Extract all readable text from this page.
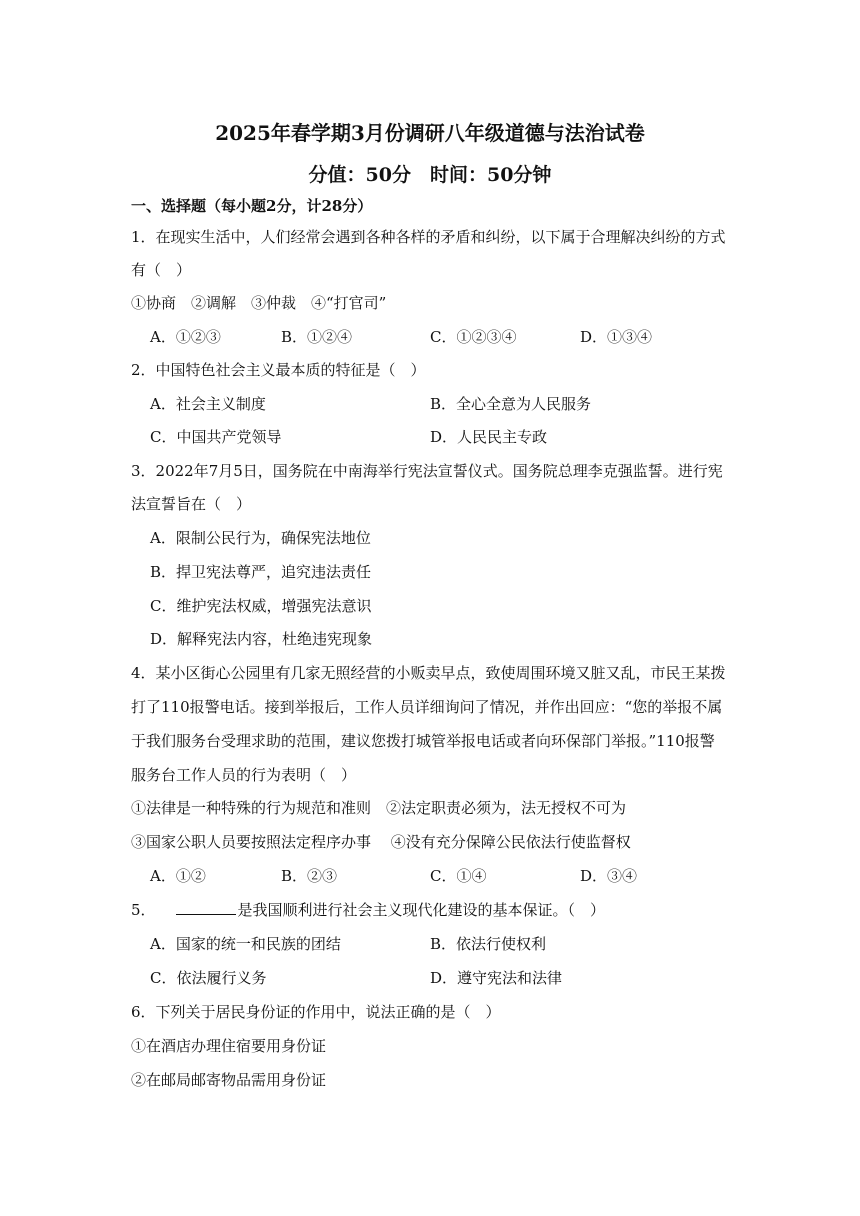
2025年春学期3月份调研八年级道德与法治试卷
分值：50分　时间：50分钟
一、选择题（每小题2分，计28分）
1．在现实生活中，人们经常会遇到各种各样的矛盾和纠纷，以下属于合理解决纠纷的方式
有（　）
①协商　②调解　③仲裁　④“打官司”
A．①②③	B．①②④	C．①②③④	D．①③④
2．中国特色社会主义最本质的特征是（　）
A．社会主义制度	B．全心全意为人民服务
C．中国共产党领导	D．人民民主专政
3．2022年7月5日，国务院在中南海举行宪法宣誓仪式。国务院总理李克强监誓。进行宪
法宣誓旨在（　）
A．限制公民行为，确保宪法地位
B．捍卫宪法尊严，追究违法责任
C．维护宪法权威，增强宪法意识
D．解释宪法内容，杜绝违宪现象
4．某小区街心公园里有几家无照经营的小贩卖早点，致使周围环境又脏又乱，市民王某拨
打了110报警电话。接到举报后，工作人员详细询问了情况，并作出回应：“您的举报不属
于我们服务台受理求助的范围，建议您拨打城管举报电话或者向环保部门举报。”110报警
服务台工作人员的行为表明（　）
①法律是一种特殊的行为规范和准则　②法定职责必须为，法无授权不可为
③国家公职人员要按照法定程序办事　 ④没有充分保障公民依法行使监督权
A．①②	B．②③	C．①④	D．③④
5．	是我国顺利进行社会主义现代化建设的基本保证。（　）
A．国家的统一和民族的团结	B．依法行使权利
C．依法履行义务	D．遵守宪法和法律
6．下列关于居民身份证的作用中，说法正确的是（　）
①在酒店办理住宿要用身份证
②在邮局邮寄物品需用身份证
